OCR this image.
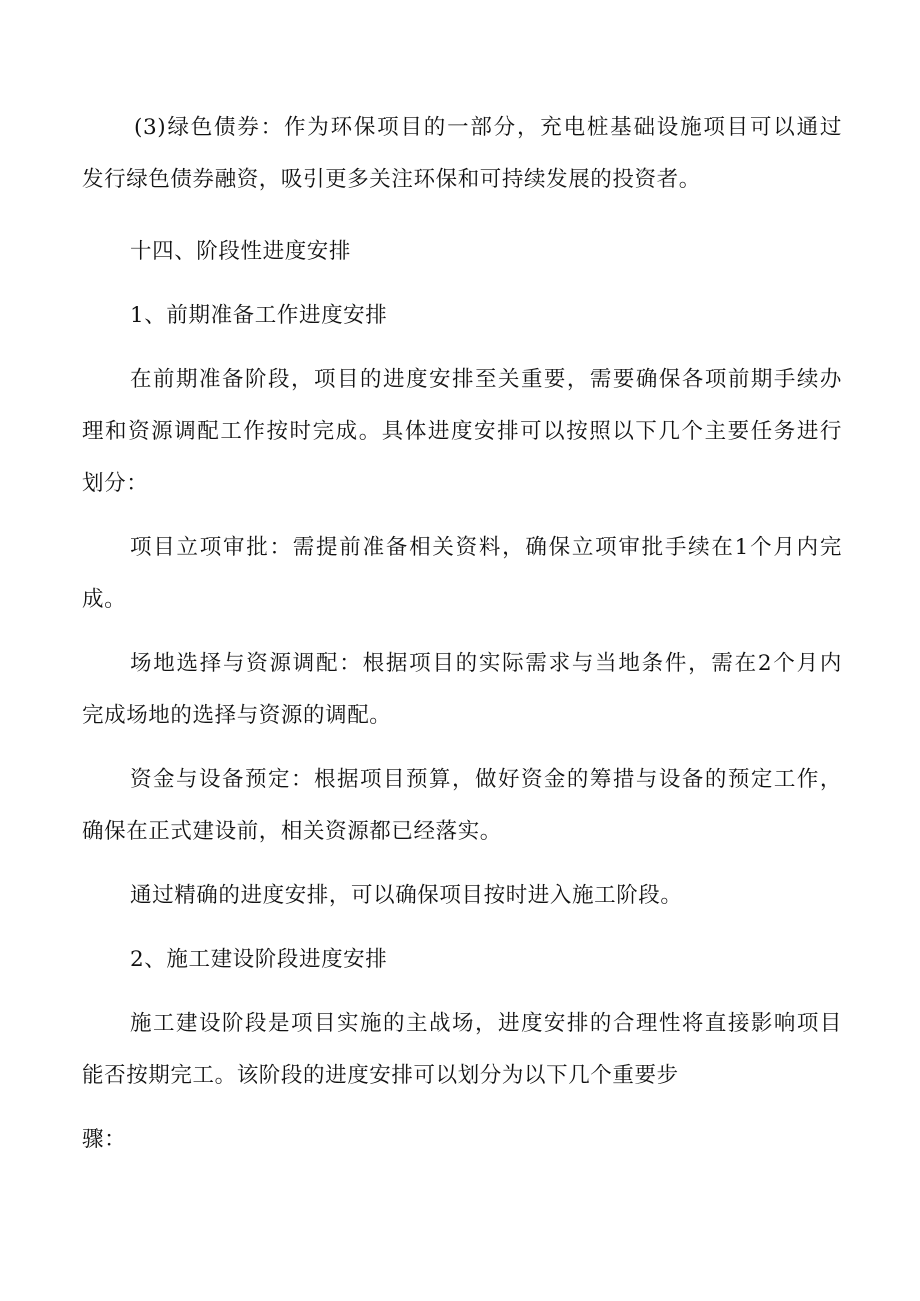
(3)绿色债券：作为环保项目的一部分，充电桩基础设施项目可以通过
发行绿色债券融资，吸引更多关注环保和可持续发展的投资者。
十四、阶段性进度安排
1、前期准备工作进度安排
在前期准备阶段，项目的进度安排至关重要，需要确保各项前期手续办
理和资源调配工作按时完成。具体进度安排可以按照以下几个主要任务进行
划分：
项目立项审批：需提前准备相关资料，确保立项审批手续在1个月内完
成。
场地选择与资源调配：根据项目的实际需求与当地条件，需在2个月内
完成场地的选择与资源的调配。
资金与设备预定：根据项目预算，做好资金的筹措与设备的预定工作，
确保在正式建设前，相关资源都已经落实。
通过精确的进度安排，可以确保项目按时进入施工阶段。
2、施工建设阶段进度安排
施工建设阶段是项目实施的主战场，进度安排的合理性将直接影响项目
能否按期完工。该阶段的进度安排可以划分为以下几个重要步
骤：
